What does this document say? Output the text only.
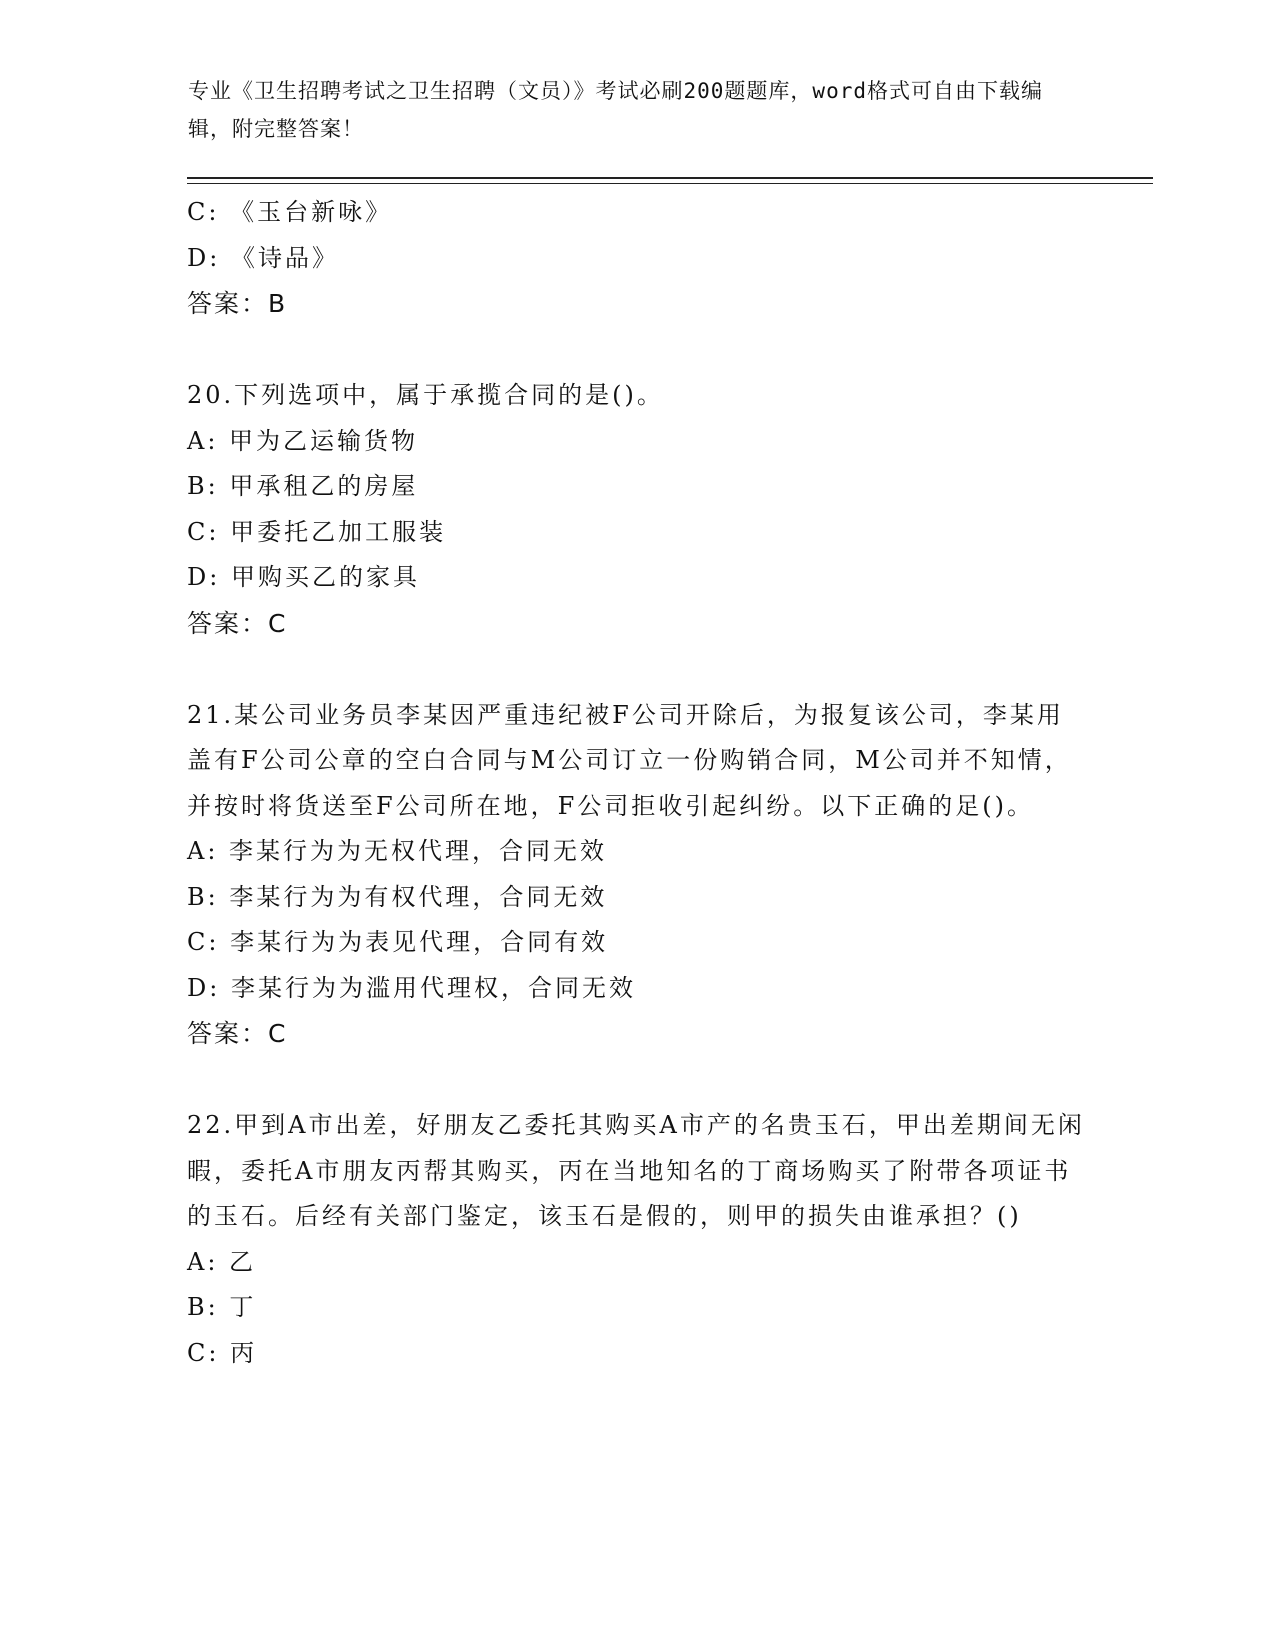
专业《卫生招聘考试之卫生招聘（文员）》考试必刷200题题库，word格式可自由下载编辑，附完整答案！

C: 《玉台新咏》

D: 《诗品》

答案：B

20.下列选项中，属于承揽合同的是()。

A: 甲为乙运输货物

B: 甲承租乙的房屋

C: 甲委托乙加工服装

D: 甲购买乙的家具

答案：C

21.某公司业务员李某因严重违纪被F公司开除后，为报复该公司，李某用盖有F公司公章的空白合同与M公司订立一份购销合同，M公司并不知情，并按时将货送至F公司所在地，F公司拒收引起纠纷。以下正确的足()。

A: 李某行为为无权代理，合同无效

B: 李某行为为有权代理，合同无效

C: 李某行为为表见代理，合同有效

D: 李某行为为滥用代理权，合同无效

答案：C

22.甲到A市出差，好朋友乙委托其购买A市产的名贵玉石，甲出差期间无闲暇，委托A市朋友丙帮其购买，丙在当地知名的丁商场购买了附带各项证书的玉石。后经有关部门鉴定，该玉石是假的，则甲的损失由谁承担？()

A: 乙

B: 丁

C: 丙
